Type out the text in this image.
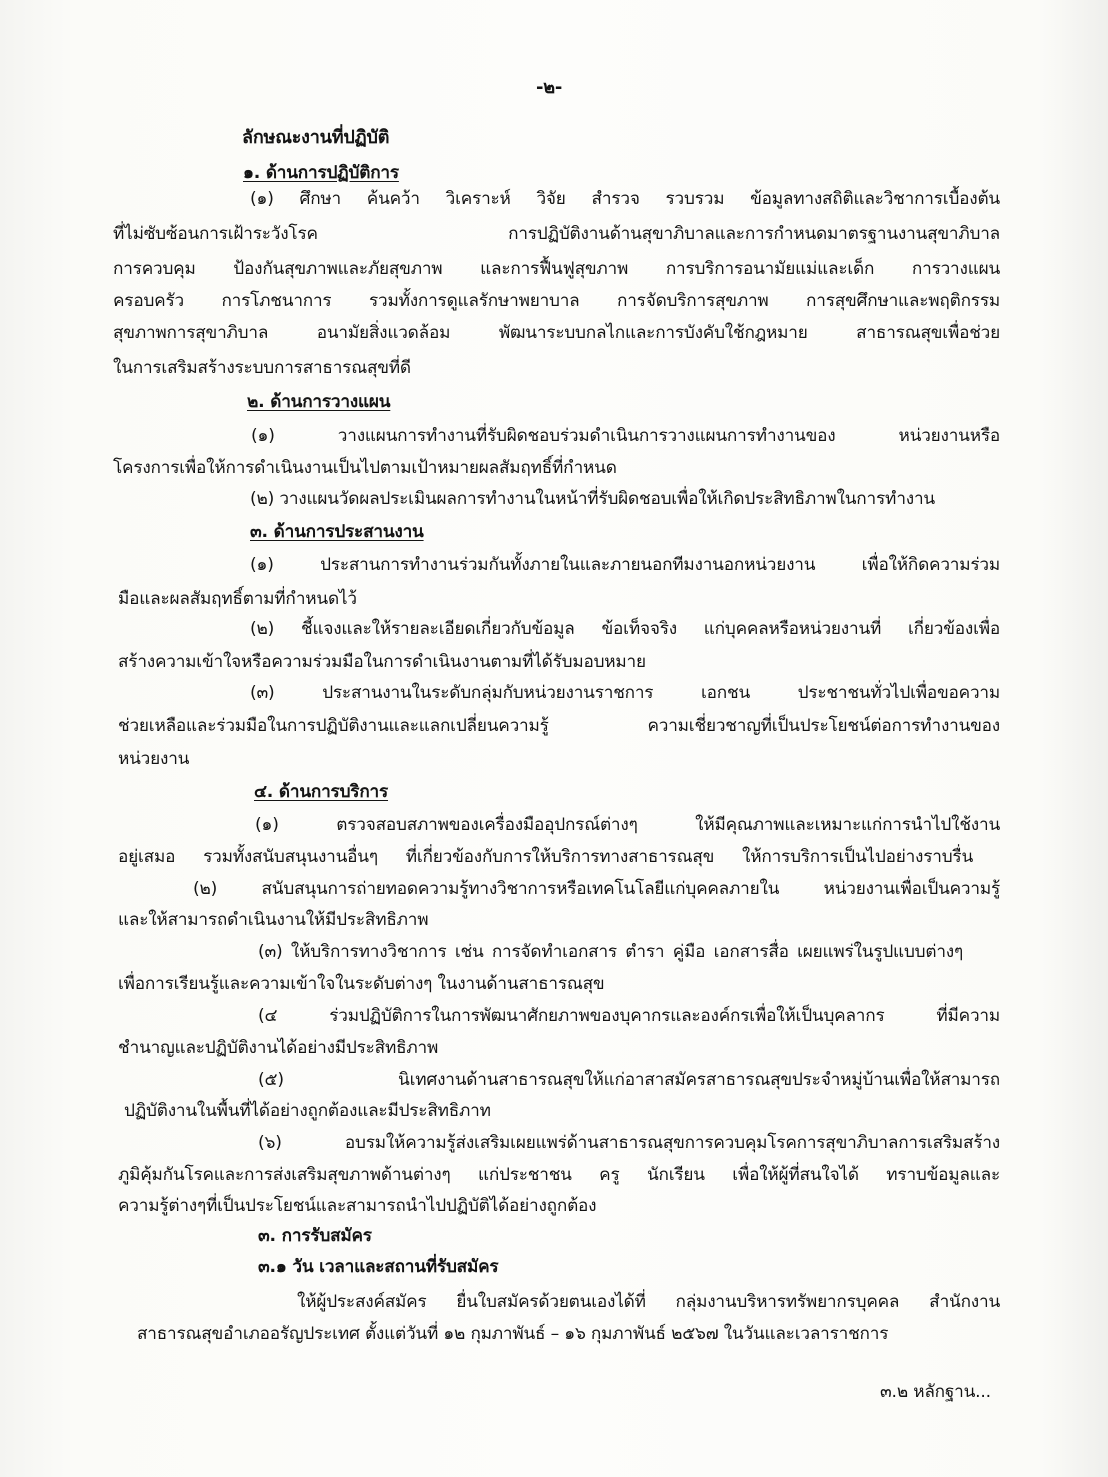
-๒-
ลักษณะงานที่ปฏิบัติ
๑. ด้านการปฏิบัติการ
(๑) ศึกษา ค้นคว้า วิเคราะห์ วิจัย สำรวจ รวบรวม ข้อมูลทางสถิติและวิชาการเบื้องต้น
ที่ไม่ซับซ้อนการเฝ้าระวังโรค การปฏิบัติงานด้านสุขาภิบาลและการกำหนดมาตรฐานงานสุขาภิบาล
การควบคุม ป้องกันสุขภาพและภัยสุขภาพ และการฟื้นฟูสุขภาพ การบริการอนามัยแม่และเด็ก การวางแผน
ครอบครัว การโภชนาการ รวมทั้งการดูแลรักษาพยาบาล การจัดบริการสุขภาพ การสุขศึกษาและพฤติกรรม
สุขภาพการสุขาภิบาล อนามัยสิ่งแวดล้อม พัฒนาระบบกลไกและการบังคับใช้กฎหมาย สาธารณสุขเพื่อช่วย
ในการเสริมสร้างระบบการสาธารณสุขที่ดี
๒. ด้านการวางแผน
(๑) วางแผนการทำงานที่รับผิดชอบร่วมดำเนินการวางแผนการทำงานของ หน่วยงานหรือ
โครงการเพื่อให้การดำเนินงานเป็นไปตามเป้าหมายผลสัมฤทธิ์ที่กำหนด
(๒) วางแผนวัดผลประเมินผลการทำงานในหน้าที่รับผิดชอบเพื่อให้เกิดประสิทธิภาพในการทำงาน
๓. ด้านการประสานงาน
(๑) ประสานการทำงานร่วมกันทั้งภายในและภายนอกทีมงานอกหน่วยงาน เพื่อให้กิดความร่วม
มือและผลสัมฤทธิ์ตามที่กำหนดไว้
(๒) ชี้แจงและให้รายละเอียดเกี่ยวกับข้อมูล ข้อเท็จจริง แก่บุคคลหรือหน่วยงานที่ เกี่ยวข้องเพื่อ
สร้างความเข้าใจหรือความร่วมมือในการดำเนินงานตามที่ได้รับมอบหมาย
(๓) ประสานงานในระดับกลุ่มกับหน่วยงานราชการ เอกชน ประชาชนทั่วไปเพื่อขอความ
ช่วยเหลือและร่วมมือในการปฏิบัติงานและแลกเปลี่ยนความรู้ ความเชี่ยวชาญที่เป็นประโยชน์ต่อการทำงานของ
หน่วยงาน
๔. ด้านการบริการ
(๑) ตรวจสอบสภาพของเครื่องมืออุปกรณ์ต่างๆ ให้มีคุณภาพและเหมาะแก่การนำไปใช้งาน
อยู่เสมอ รวมทั้งสนับสนุนงานอื่นๆ ที่เกี่ยวข้องกับการให้บริการทางสาธารณสุข ให้การบริการเป็นไปอย่างราบรื่น
(๒) สนับสนุนการถ่ายทอดความรู้ทางวิชาการหรือเทคโนโลยีแก่บุคคลภายใน หน่วยงานเพื่อเป็นความรู้
และให้สามารถดำเนินงานให้มีประสิทธิภาพ
(๓) ให้บริการทางวิชาการ เช่น การจัดทำเอกสาร ตำรา คู่มือ เอกสารสื่อ เผยแพร่ในรูปแบบต่างๆ
เพื่อการเรียนรู้และความเข้าใจในระดับต่างๆ ในงานด้านสาธารณสุข
(๔ ร่วมปฏิบัติการในการพัฒนาศักยภาพของบุคากรและองค์กรเพื่อให้เป็นบุคลากร ที่มีความ
ชำนาญและปฏิบัติงานได้อย่างมีประสิทธิภาพ
(๕) นิเทศงานด้านสาธารณสุขให้แก่อาสาสมัครสาธารณสุขประจำหมู่บ้านเพื่อให้สามารถ
ปฏิบัติงานในพื้นที่ได้อย่างถูกต้องและมีประสิทธิภาท
(๖) อบรมให้ความรู้ส่งเสริมเผยแพร่ด้านสาธารณสุขการควบคุมโรคการสุขาภิบาลการเสริมสร้าง
ภูมิคุ้มกันโรคและการส่งเสริมสุขภาพด้านต่างๆ แก่ประชาชน ครู นักเรียน เพื่อให้ผู้ที่สนใจได้ ทราบข้อมูลและ
ความรู้ต่างๆที่เป็นประโยชน์และสามารถนำไปปฏิบัติได้อย่างถูกต้อง
๓. การรับสมัคร
๓.๑ วัน เวลาและสถานที่รับสมัคร
ให้ผู้ประสงค์สมัคร ยื่นใบสมัครด้วยตนเองได้ที่ กลุ่มงานบริหารทรัพยากรบุคคล สำนักงาน
สาธารณสุขอำเภออรัญประเทศ ตั้งแต่วันที่ ๑๒ กุมภาพันธ์ – ๑๖ กุมภาพันธ์ ๒๕๖๗ ในวันและเวลาราชการ
๓.๒ หลักฐาน...
